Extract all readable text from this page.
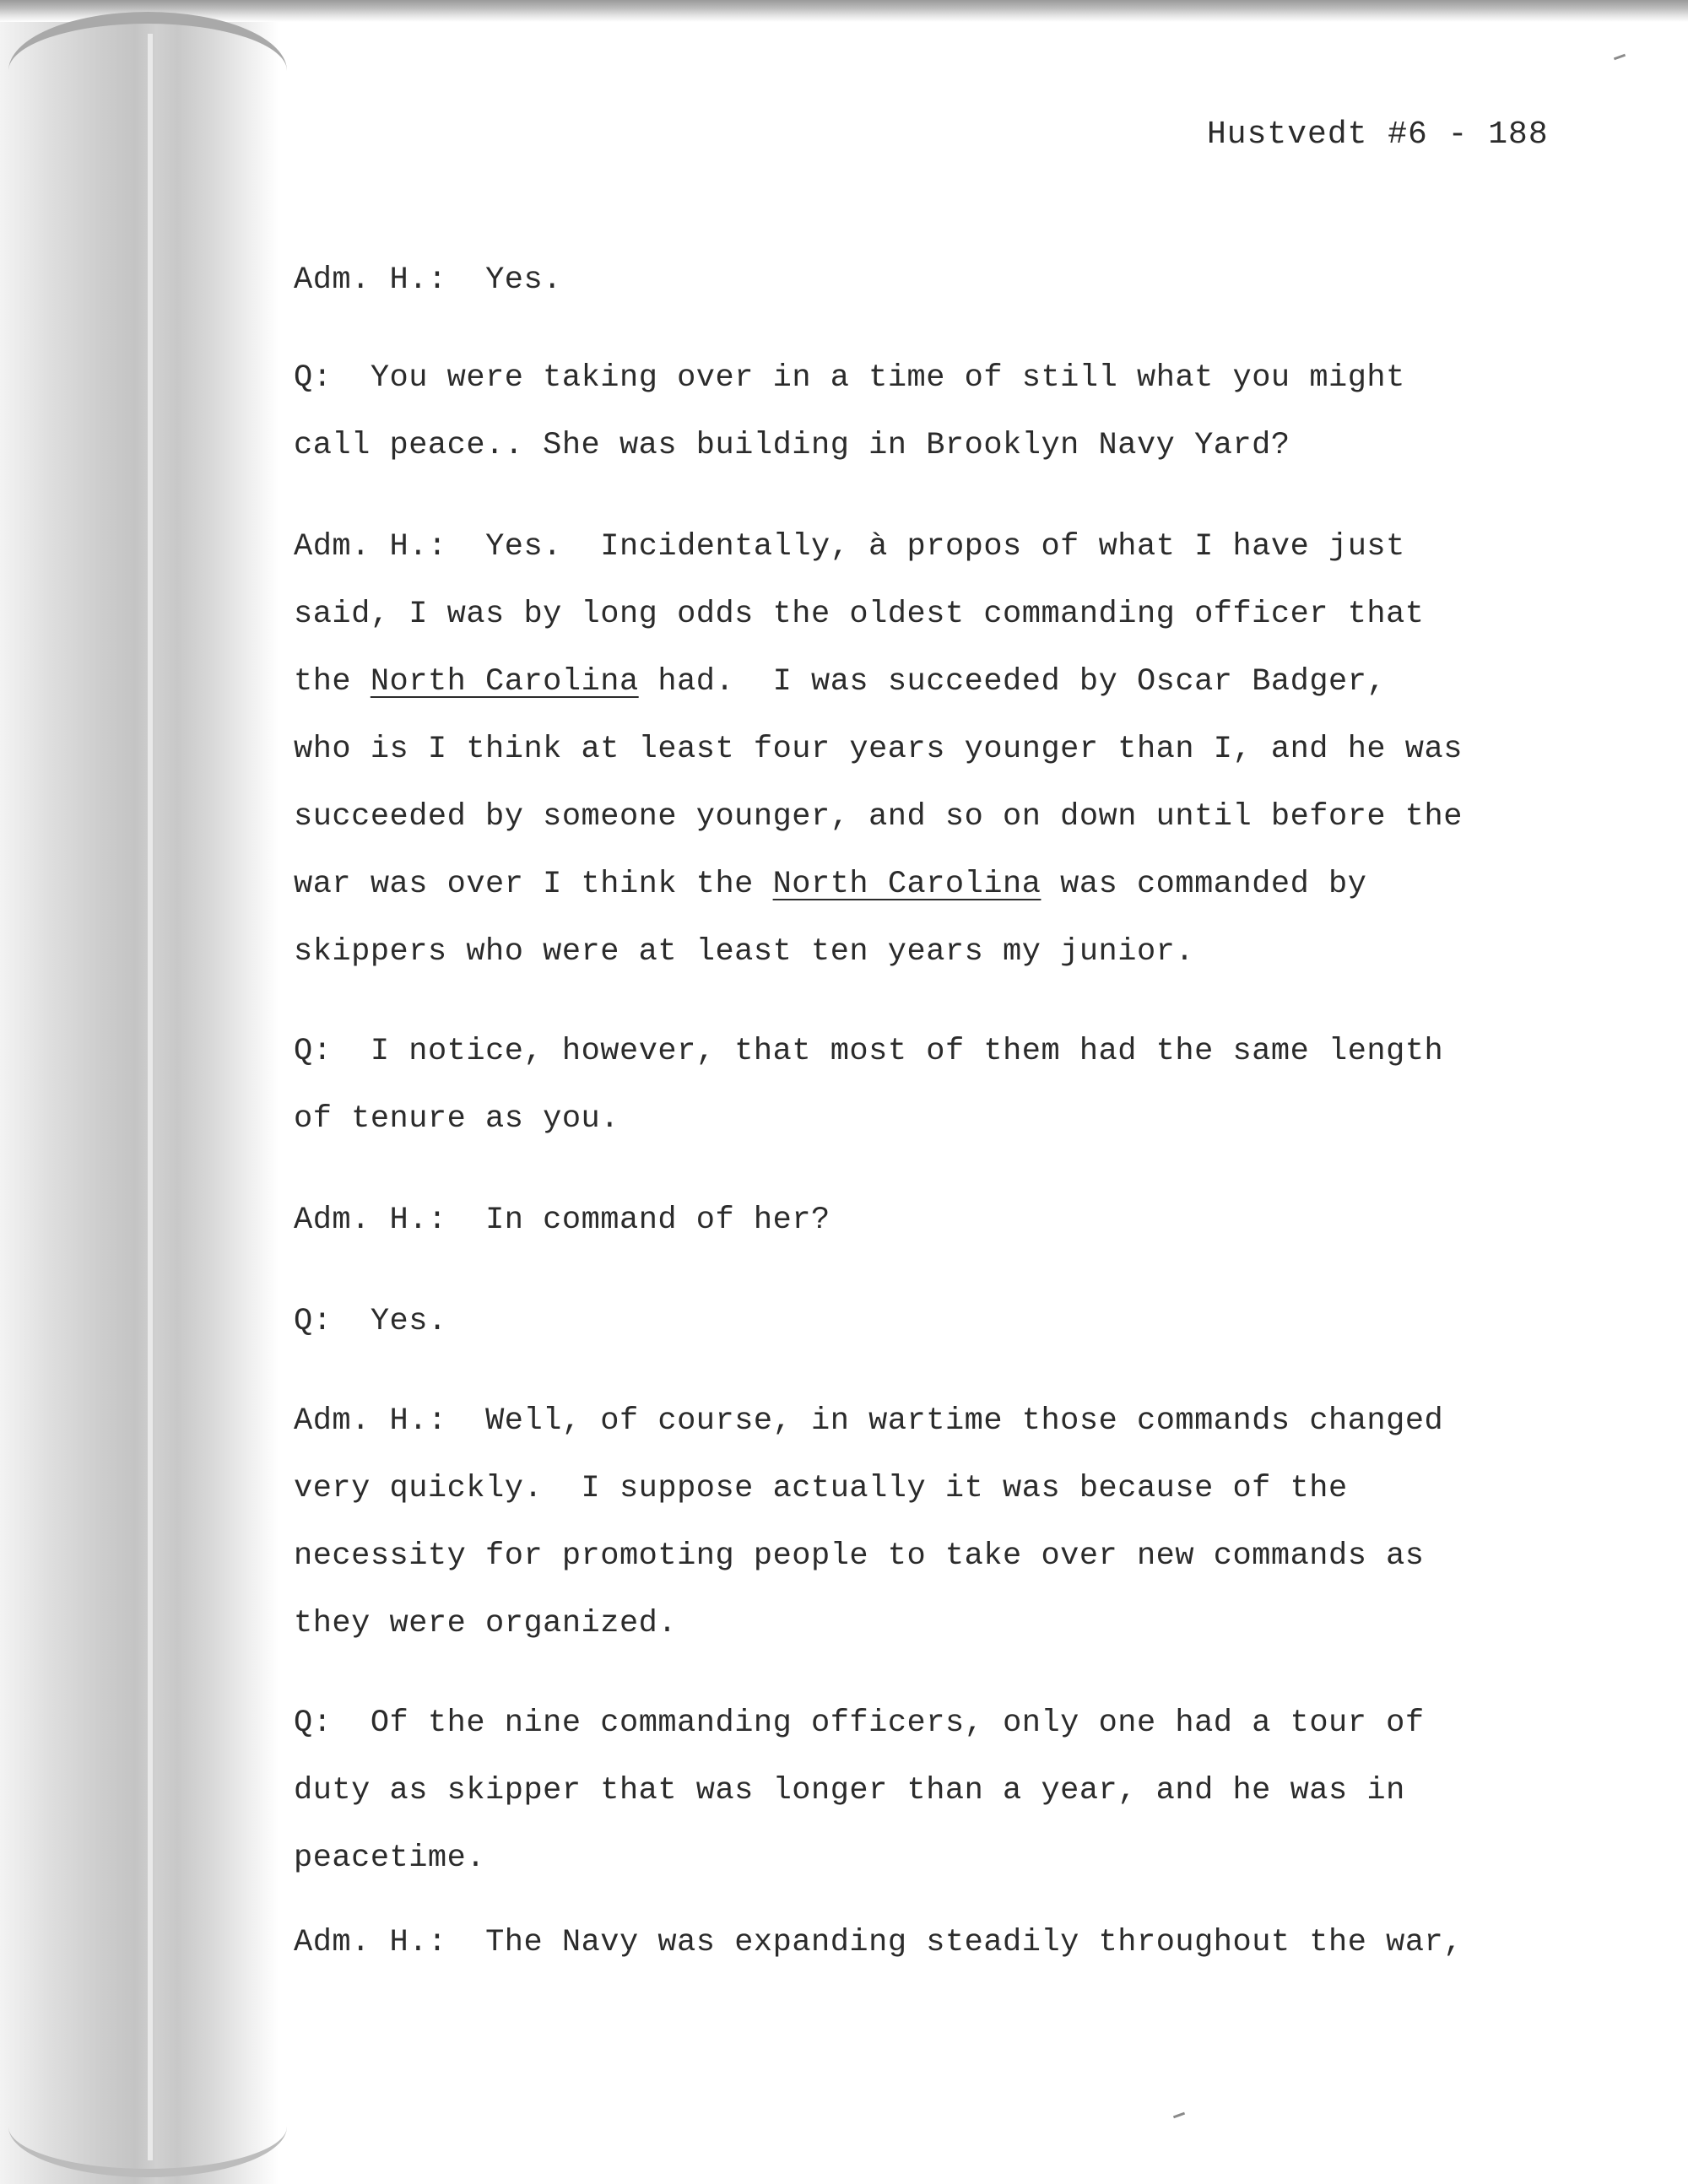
Hustvedt #6 - 188
Adm. H.: Yes.
Q: You were taking over in a time of still what you might
call peace.. She was building in Brooklyn Navy Yard?
Adm. H.: Yes.  Incidentally, à propos of what I have just
said, I was by long odds the oldest commanding officer that
the North Carolina had.  I was succeeded by Oscar Badger,
who is I think at least four years younger than I, and he was
succeeded by someone younger, and so on down until before the
war was over I think the North Carolina was commanded by
skippers who were at least ten years my junior.
Q: I notice, however, that most of them had the same length
of tenure as you.
Adm. H.: In command of her?
Q: Yes.
Adm. H.: Well, of course, in wartime those commands changed
very quickly.  I suppose actually it was because of the
necessity for promoting people to take over new commands as
they were organized.
Q: Of the nine commanding officers, only one had a tour of
duty as skipper that was longer than a year, and he was in
peacetime.
Adm. H.: The Navy was expanding steadily throughout the war,
